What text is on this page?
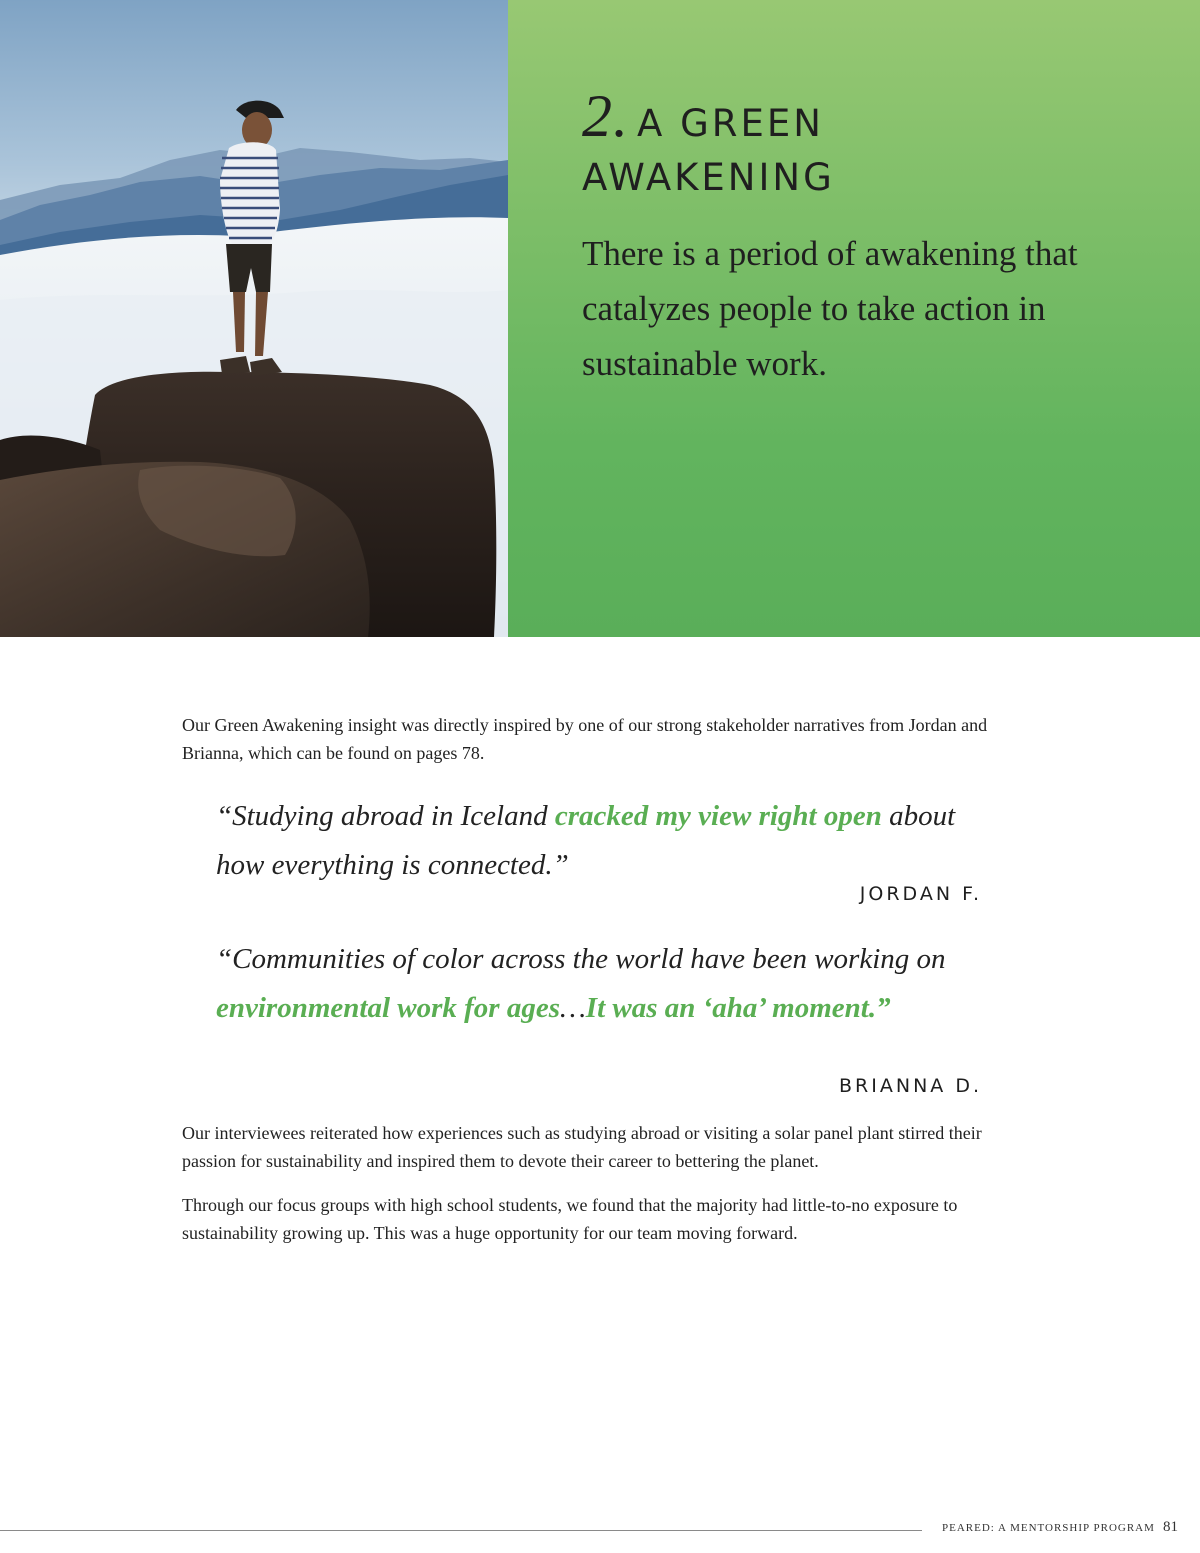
2. A GREEN
AWAKENING

There is a period of awakening that catalyzes people to take action in sustainable work.

Our Green Awakening insight was directly inspired by one of our strong stakeholder narratives from Jordan and Brianna, which can be found on pages 78.

“Studying abroad in Iceland cracked my view right open about how everything is connected.”

JORDAN F.

“Communities of color across the world have been working on environmental work for ages…It was an ‘aha’ moment.”

BRIANNA D.

Our interviewees reiterated how experiences such as studying abroad or visiting a solar panel plant stirred their passion for sustainability and inspired them to devote their career to bettering the planet.

Through our focus groups with high school students, we found that the majority had little-to-no exposure to sustainability growing up. This was a huge opportunity for our team moving forward.

PEARED: A MENTORSHIP PROGRAM 81
